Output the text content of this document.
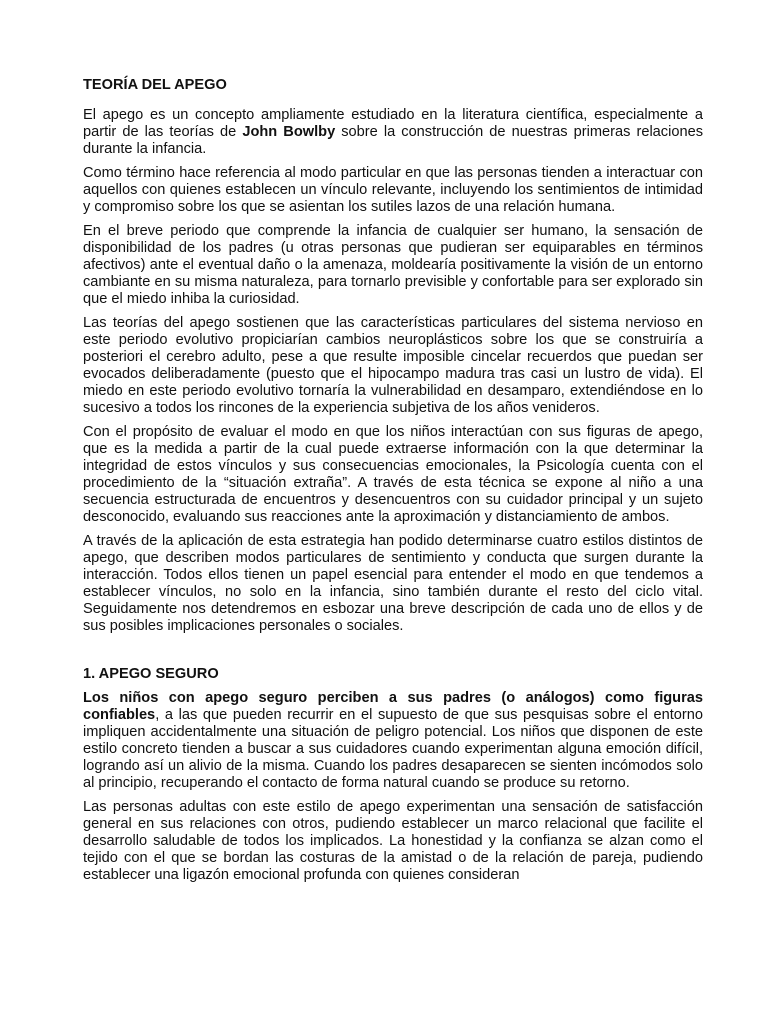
TEORÍA DEL APEGO

El apego es un concepto ampliamente estudiado en la literatura científica, especialmente a partir de las teorías de John Bowlby sobre la construcción de nuestras primeras relaciones durante la infancia.

Como término hace referencia al modo particular en que las personas tienden a interactuar con aquellos con quienes establecen un vínculo relevante, incluyendo los sentimientos de intimidad y compromiso sobre los que se asientan los sutiles lazos de una relación humana.

En el breve periodo que comprende la infancia de cualquier ser humano, la sensación de disponibilidad de los padres (u otras personas que pudieran ser equiparables en términos afectivos) ante el eventual daño o la amenaza, moldearía positivamente la visión de un entorno cambiante en su misma naturaleza, para tornarlo previsible y confortable para ser explorado sin que el miedo inhiba la curiosidad.

Las teorías del apego sostienen que las características particulares del sistema nervioso en este periodo evolutivo propiciarían cambios neuroplásticos sobre los que se construiría a posteriori el cerebro adulto, pese a que resulte imposible cincelar recuerdos que puedan ser evocados deliberadamente (puesto que el hipocampo madura tras casi un lustro de vida). El miedo en este periodo evolutivo tornaría la vulnerabilidad en desamparo, extendiéndose en lo sucesivo a todos los rincones de la experiencia subjetiva de los años venideros.

Con el propósito de evaluar el modo en que los niños interactúan con sus figuras de apego, que es la medida a partir de la cual puede extraerse información con la que determinar la integridad de estos vínculos y sus consecuencias emocionales, la Psicología cuenta con el procedimiento de la “situación extraña”. A través de esta técnica se expone al niño a una secuencia estructurada de encuentros y desencuentros con su cuidador principal y un sujeto desconocido, evaluando sus reacciones ante la aproximación y distanciamiento de ambos.

A través de la aplicación de esta estrategia han podido determinarse cuatro estilos distintos de apego, que describen modos particulares de sentimiento y conducta que surgen durante la interacción. Todos ellos tienen un papel esencial para entender el modo en que tendemos a establecer vínculos, no solo en la infancia, sino también durante el resto del ciclo vital. Seguidamente nos detendremos en esbozar una breve descripción de cada uno de ellos y de sus posibles implicaciones personales o sociales.

1. APEGO SEGURO

Los niños con apego seguro perciben a sus padres (o análogos) como figuras confiables, a las que pueden recurrir en el supuesto de que sus pesquisas sobre el entorno impliquen accidentalmente una situación de peligro potencial. Los niños que disponen de este estilo concreto tienden a buscar a sus cuidadores cuando experimentan alguna emoción difícil, logrando así un alivio de la misma. Cuando los padres desaparecen se sienten incómodos solo al principio, recuperando el contacto de forma natural cuando se produce su retorno.

Las personas adultas con este estilo de apego experimentan una sensación de satisfacción general en sus relaciones con otros, pudiendo establecer un marco relacional que facilite el desarrollo saludable de todos los implicados. La honestidad y la confianza se alzan como el tejido con el que se bordan las costuras de la amistad o de la relación de pareja, pudiendo establecer una ligazón emocional profunda con quienes consideran
